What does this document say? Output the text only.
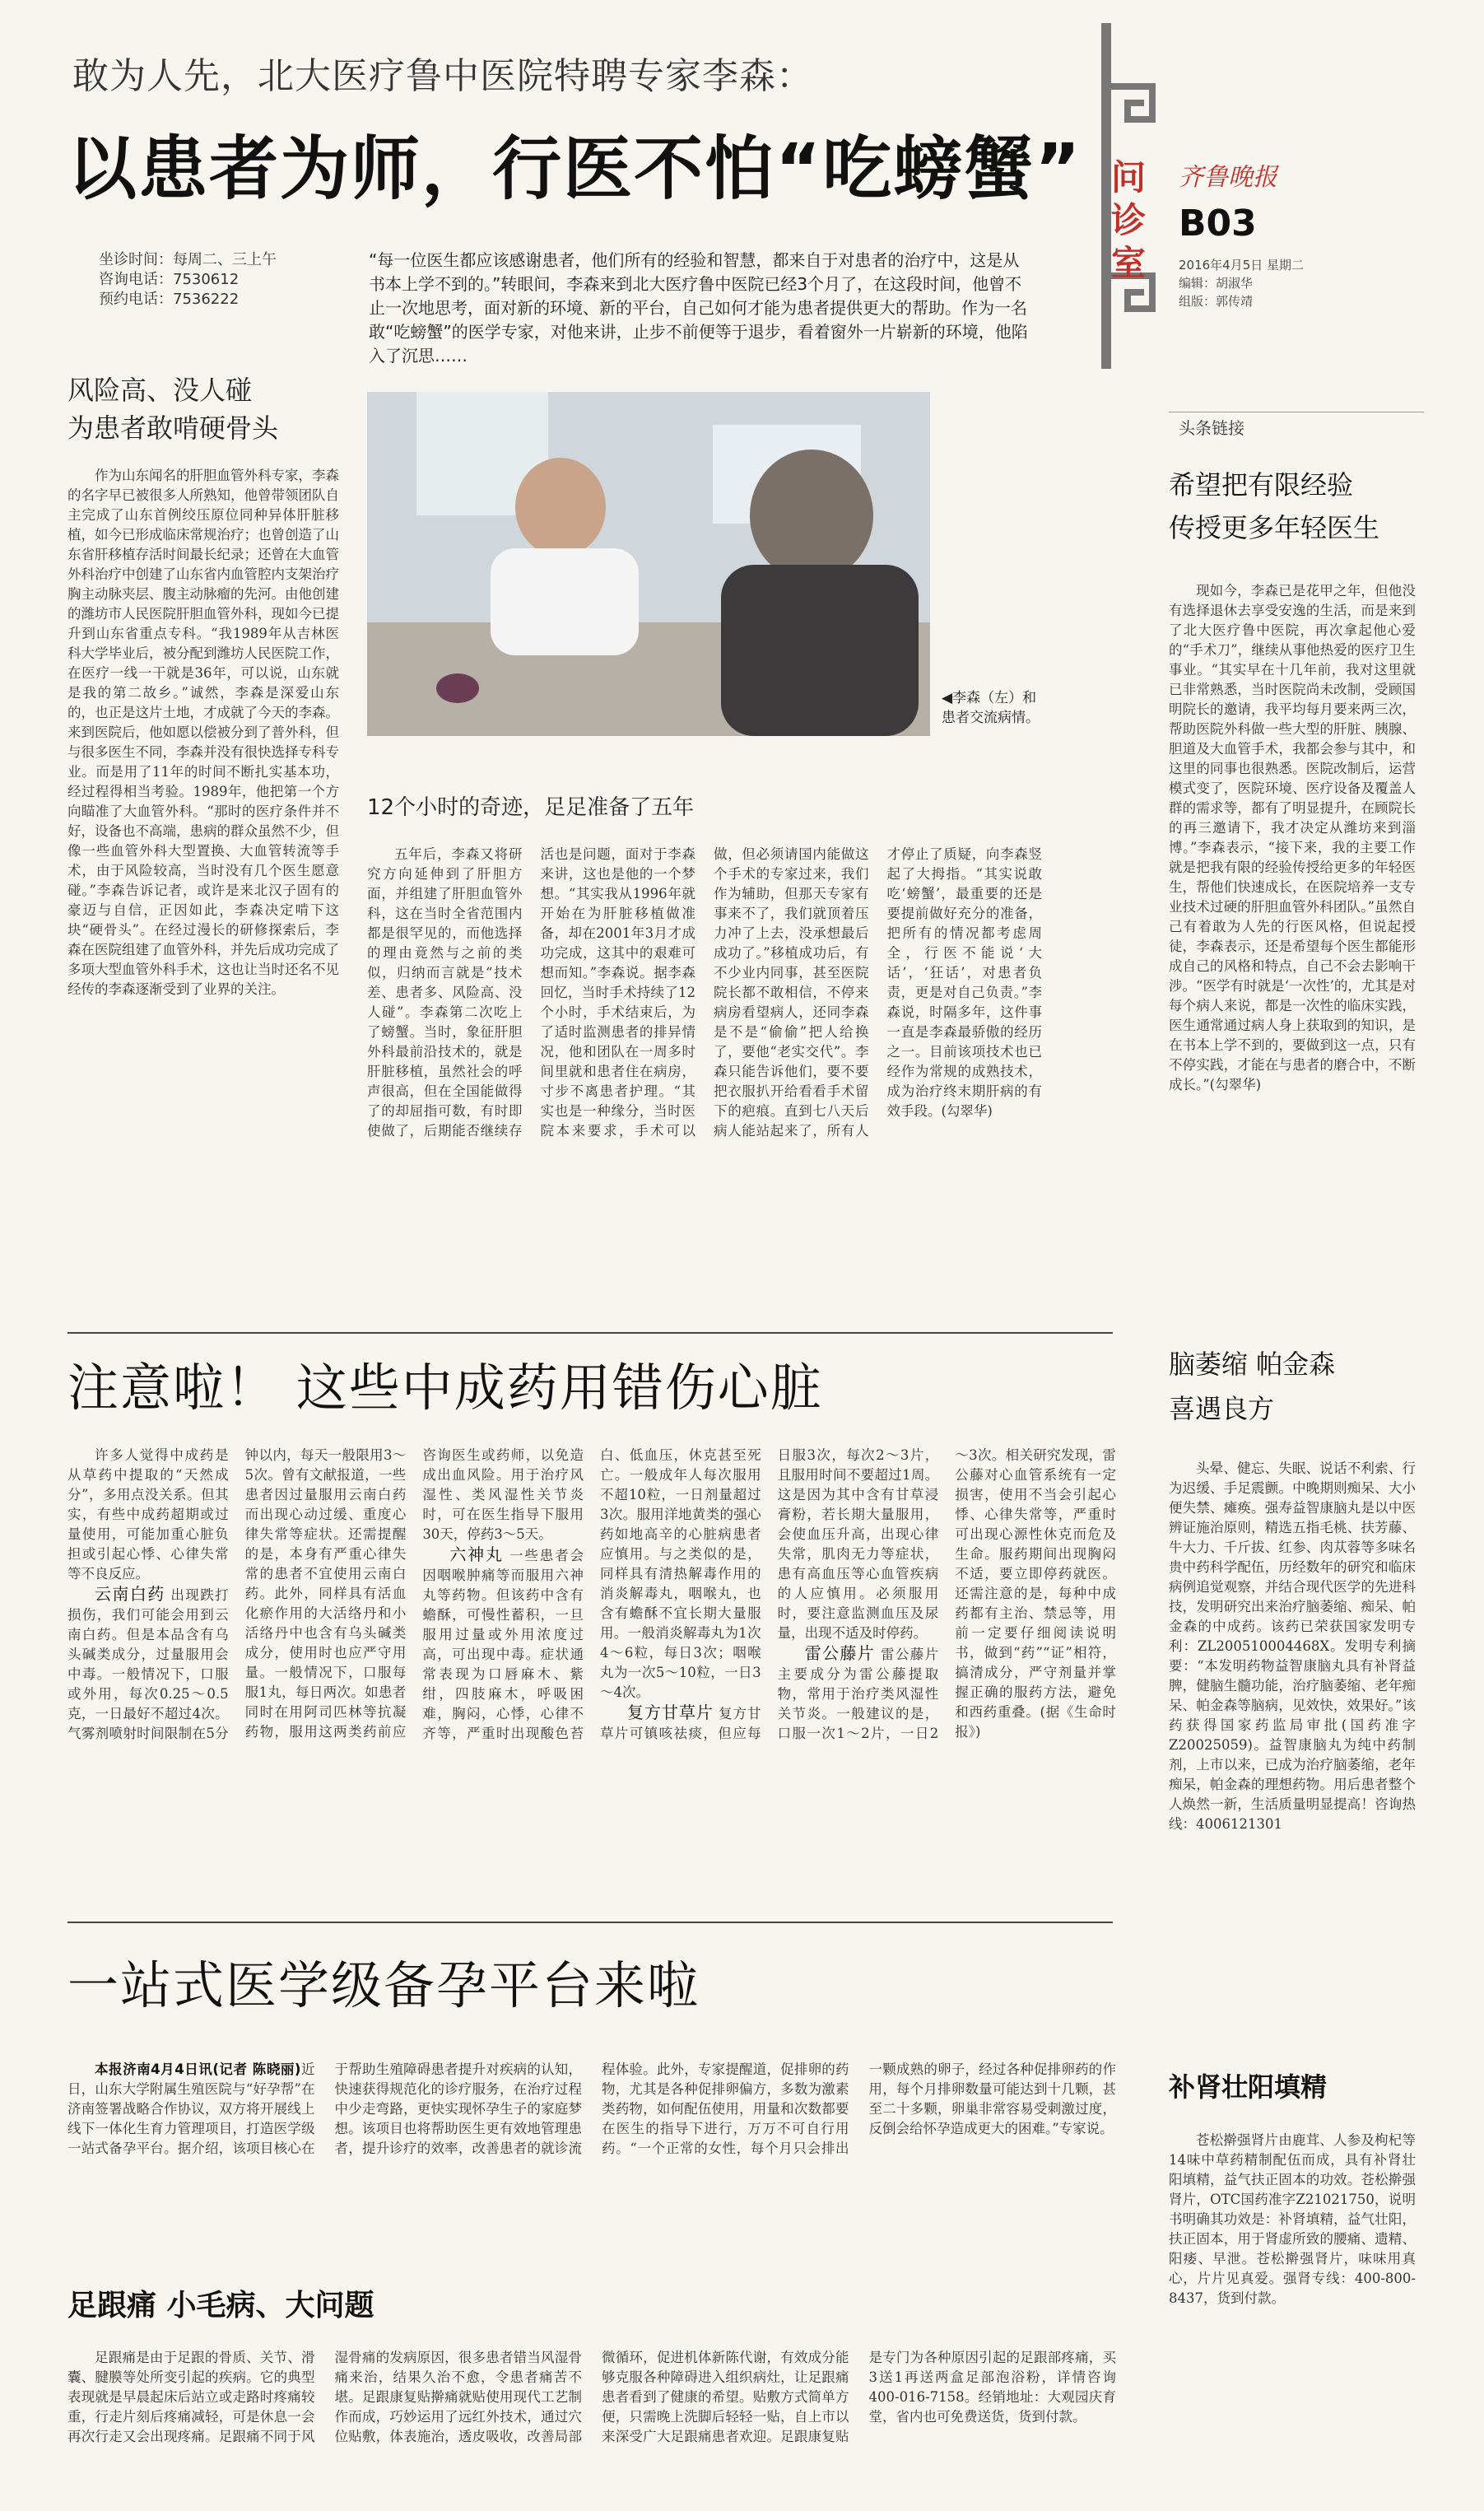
敢为人先，北大医疗鲁中医院特聘专家李森：
以患者为师，行医不怕“吃螃蟹” 问诊室
齐鲁晚报
B03
2016年4月5日 星期二
编辑：胡淑华
组版：郭传靖
坐诊时间：每周二、三上午
咨询电话：7530612
预约电话：7536222
“每一位医生都应该感谢患者，他们所有的经验和智慧，都来自于对患者的治疗中，这是从书本上学不到的。”转眼间，李森来到北大医疗鲁中医院已经3个月了，在这段时间，他曾不止一次地思考，面对新的环境、新的平台，自己如何才能为患者提供更大的帮助。作为一名敢“吃螃蟹”的医学专家，对他来讲，止步不前便等于退步，看着窗外一片崭新的环境，他陷入了沉思……
风险高、没人碰
为患者敢啃硬骨头

作为山东闻名的肝胆血管外科专家，李森的名字早已被很多人所熟知，他曾带领团队自主完成了山东首例绞压原位同种异体肝脏移植，如今已形成临床常规治疗；也曾创造了山东省肝移植存活时间最长纪录；还曾在大血管外科治疗中创建了山东省内血管腔内支架治疗胸主动脉夹层、腹主动脉瘤的先河。由他创建的潍坊市人民医院肝胆血管外科，现如今已提升到山东省重点专科。“我1989年从吉林医科大学毕业后，被分配到潍坊人民医院工作，在医疗一线一干就是36年，可以说，山东就是我的第二故乡。”诚然，李森是深爱山东的，也正是这片土地，才成就了今天的李森。来到医院后，他如愿以偿被分到了普外科，但与很多医生不同，李森并没有很快选择专科专业。而是用了11年的时间不断扎实基本功，经过程得相当考验。1989年，他把第一个方向瞄准了大血管外科。“那时的医疗条件并不好，设备也不高端，患病的群众虽然不少，但像一些血管外科大型置换、大血管转流等手术，由于风险较高，当时没有几个医生愿意碰。”李森告诉记者，或许是来北汉子固有的豪迈与自信，正因如此，李森决定啃下这块“硬骨头”。在经过漫长的研修探索后，李森在医院组建了血管外科，并先后成功完成了多项大型血管外科手术，这也让当时还名不见经传的李森逐渐受到了业界的关注。

◀李森（左）和患者交流病情。
12个小时的奇迹，足足准备了五年

五年后，李森又将研究方向延伸到了肝胆方面，并组建了肝胆血管外科，这在当时全省范围内都是很罕见的，而他选择的理由竟然与之前的类似，归纳而言就是“技术差、患者多、风险高、没人碰”。李森第二次吃上了螃蟹。当时，象征肝胆外科最前沿技术的，就是肝脏移植，虽然社会的呼声很高，但在全国能做得了的却屈指可数，有时即使做了，后期能否继续存活也是问题，面对于李森来讲，这也是他的一个梦想。“其实我从1996年就开始在为肝脏移植做准备，却在2001年3月才成功完成，这其中的艰难可想而知。”李森说。据李森回忆，当时手术持续了12个小时，手术结束后，为了适时监测患者的排异情况，他和团队在一周多时间里就和患者住在病房，寸步不离患者护理。“其实也是一种缘分，当时医院本来要求，手术可以做，但必须请国内能做这个手术的专家过来，我们作为辅助，但那天专家有事来不了，我们就顶着压力冲了上去，没承想最后成功了。”移植成功后，有不少业内同事，甚至医院院长都不敢相信，不停来病房看望病人，还同李森是不是“偷偷”把人给换了，要他“老实交代”。李森只能告诉他们，要不要把衣服扒开给看看手术留下的疤痕。直到七八天后病人能站起来了，所有人才停止了质疑，向李森竖起了大拇指。“其实说敢吃‘螃蟹’，最重要的还是要提前做好充分的准备，把所有的情况都考虑周全，行医不能说‘大话’，‘狂话’，对患者负责，更是对自己负责。”李森说，时隔多年，这件事一直是李森最骄傲的经历之一。目前该项技术也已经作为常规的成熟技术，成为治疗终末期肝病的有效手段。(勾翠华)

头条链接
希望把有限经验
传授更多年轻医生

现如今，李森已是花甲之年，但他没有选择退休去享受安逸的生活，而是来到了北大医疗鲁中医院，再次拿起他心爱的“手术刀”，继续从事他热爱的医疗卫生事业。“其实早在十几年前，我对这里就已非常熟悉，当时医院尚未改制，受顾国明院长的邀请，我平均每月要来两三次，帮助医院外科做一些大型的肝脏、胰腺、胆道及大血管手术，我都会参与其中，和这里的同事也很熟悉。医院改制后，运营模式变了，医院环境、医疗设备及覆盖人群的需求等，都有了明显提升，在顾院长的再三邀请下，我才决定从潍坊来到淄博。”李森表示，“接下来，我的主要工作就是把我有限的经验传授给更多的年轻医生，帮他们快速成长，在医院培养一支专业技术过硬的肝胆血管外科团队。”虽然自己有着敢为人先的行医风格，但说起授徒，李森表示，还是希望每个医生都能形成自己的风格和特点，自己不会去影响干涉。“医学有时就是‘一次性’的，尤其是对每个病人来说，都是一次性的临床实践，医生通常通过病人身上获取到的知识，是在书本上学不到的，要做到这一点，只有不停实践，才能在与患者的磨合中，不断成长。”(勾翠华)

注意啦！ 这些中成药用错伤心脏

许多人觉得中成药是从草药中提取的“天然成分”，多用点没关系。但其实，有些中成药超期或过量使用，可能加重心脏负担或引起心悸、心律失常等不良反应。

云南白药 出现跌打损伤，我们可能会用到云南白药。但是本品含有乌头碱类成分，过量服用会中毒。一般情况下，口服或外用，每次0.25～0.5克，一日最好不超过4次。气雾剂喷射时间限制在5分钟以内，每天一般限用3～5次。曾有文献报道，一些患者因过量服用云南白药而出现心动过缓、重度心律失常等症状。还需提醒的是，本身有严重心律失常的患者不宜使用云南白药。此外，同样具有活血化瘀作用的大活络丹和小活络丹中也含有乌头碱类成分，使用时也应严守用量。一般情况下，口服每服1丸，每日两次。如患者同时在用阿司匹林等抗凝药物，服用这两类药前应咨询医生或药师，以免造成出血风险。用于治疗风湿性、类风湿性关节炎时，可在医生指导下服用30天，停药3～5天。

六神丸 一些患者会因咽喉肿痛等而服用六神丸等药物。但该药中含有蟾酥，可慢性蓄积，一旦服用过量或外用浓度过高，可出现中毒。症状通常表现为口唇麻木、紫绀，四肢麻木，呼吸困难，胸闷，心悸，心律不齐等，严重时出现酸色苔白、低血压，休克甚至死亡。一般成年人每次服用不超10粒，一日剂量超过3次。服用洋地黄类的强心药如地高辛的心脏病患者应慎用。与之类似的是，同样具有清热解毒作用的消炎解毒丸，咽喉丸，也含有蟾酥不宜长期大量服用。一般消炎解毒丸为1次4～6粒，每日3次；咽喉丸为一次5～10粒，一日3～4次。

复方甘草片 复方甘草片可镇咳祛痰，但应每日服3次，每次2～3片，且服用时间不要超过1周。这是因为其中含有甘草浸膏粉，若长期大量服用，会使血压升高，出现心律失常，肌肉无力等症状，患有高血压等心血管疾病的人应慎用。必须服用时，要注意监测血压及尿量，出现不适及时停药。

雷公藤片 雷公藤片主要成分为雷公藤提取物，常用于治疗类风湿性关节炎。一般建议的是，口服一次1～2片，一日2～3次。相关研究发现，雷公藤对心血管系统有一定损害，使用不当会引起心悸、心律失常等，严重时可出现心源性休克而危及生命。服药期间出现胸闷不适，要立即停药就医。还需注意的是，每种中成药都有主治、禁忌等，用前一定要仔细阅读说明书，做到“药”“证”相符，搞清成分，严守剂量并掌握正确的服药方法，避免和西药重叠。(据《生命时报》)

脑萎缩 帕金森
喜遇良方

头晕、健忘、失眠、说话不利索、行为迟缓、手足震颤。中晚期则痴呆、大小便失禁、瘫痪。强寿益智康脑丸是以中医辨证施治原则，精选五指毛桃、扶芳藤、牛大力、千斤拔、红参、肉苁蓉等多味名贵中药科学配伍，历经数年的研究和临床病例追觉观察，并结合现代医学的先进科技，发明研究出来治疗脑萎缩、痴呆、帕金森的中成药。该药已荣获国家发明专利：ZL200510004468X。发明专利摘要：“本发明药物益智康脑丸具有补肾益脾，健脑生髓功能，治疗脑萎缩、老年痴呆、帕金森等脑病，见效快，效果好。”该药获得国家药监局审批(国药准字Z20025059)。益智康脑丸为纯中药制剂，上市以来，已成为治疗脑萎缩，老年痴呆，帕金森的理想药物。用后患者整个人焕然一新，生活质量明显提高！咨询热线：4006121301

一站式医学级备孕平台来啦

本报济南4月4日讯(记者 陈晓丽)近日，山东大学附属生殖医院与“好孕帮”在济南签署战略合作协议，双方将开展线上线下一体化生育力管理项目，打造医学级一站式备孕平台。据介绍，该项目核心在于帮助生殖障碍患者提升对疾病的认知，快速获得规范化的诊疗服务，在治疗过程中少走弯路，更快实现怀孕生子的家庭梦想。该项目也将帮助医生更有效地管理患者，提升诊疗的效率，改善患者的就诊流程体验。此外，专家提醒道，促排卵的药物，尤其是各种促排卵偏方，多数为激素类药物，如何配伍使用，用量和次数都要在医生的指导下进行，万万不可自行用药。“一个正常的女性，每个月只会排出一颗成熟的卵子，经过各种促排卵药的作用，每个月排卵数量可能达到十几颗，甚至二十多颗，卵巢非常容易受刺激过度，反倒会给怀孕造成更大的困难。”专家说。

足跟痛 小毛病、大问题

足跟痛是由于足跟的骨质、关节、滑囊、腱膜等处所变引起的疾病。它的典型表现就是早晨起床后站立或走路时疼痛较重，行走片刻后疼痛减轻，可是休息一会再次行走又会出现疼痛。足跟痛不同于风湿骨痛的发病原因，很多患者错当风湿骨痛来治，结果久治不愈，令患者痛苦不堪。足跟康复贴擀痛就贴使用现代工艺制作而成，巧妙运用了远红外技术，通过穴位贴敷，体表施治，透皮吸收，改善局部微循环，促进机体新陈代谢，有效成分能够克服各种障碍进入组织病灶，让足跟痛患者看到了健康的希望。贴敷方式简单方便，只需晚上洗脚后轻轻一贴，自上市以来深受广大足跟痛患者欢迎。足跟康复贴是专门为各种原因引起的足跟部疼痛，买3送1再送两盒足部泡浴粉，详情咨询400-016-7158。经销地址：大观园庆育堂，省内也可免费送货，货到付款。

补肾壮阳填精

苍松擀强肾片由鹿茸、人参及枸杞等14味中草药精制配伍而成，具有补肾壮阳填精，益气扶正固本的功效。苍松擀强肾片，OTC国药准字Z21021750，说明书明确其功效是：补肾填精，益气壮阳，扶正固本，用于肾虚所致的腰痛、遗精、阳痿、早泄。苍松擀强肾片，味味用真心，片片见真爱。强肾专线：400-800-8437，货到付款。
